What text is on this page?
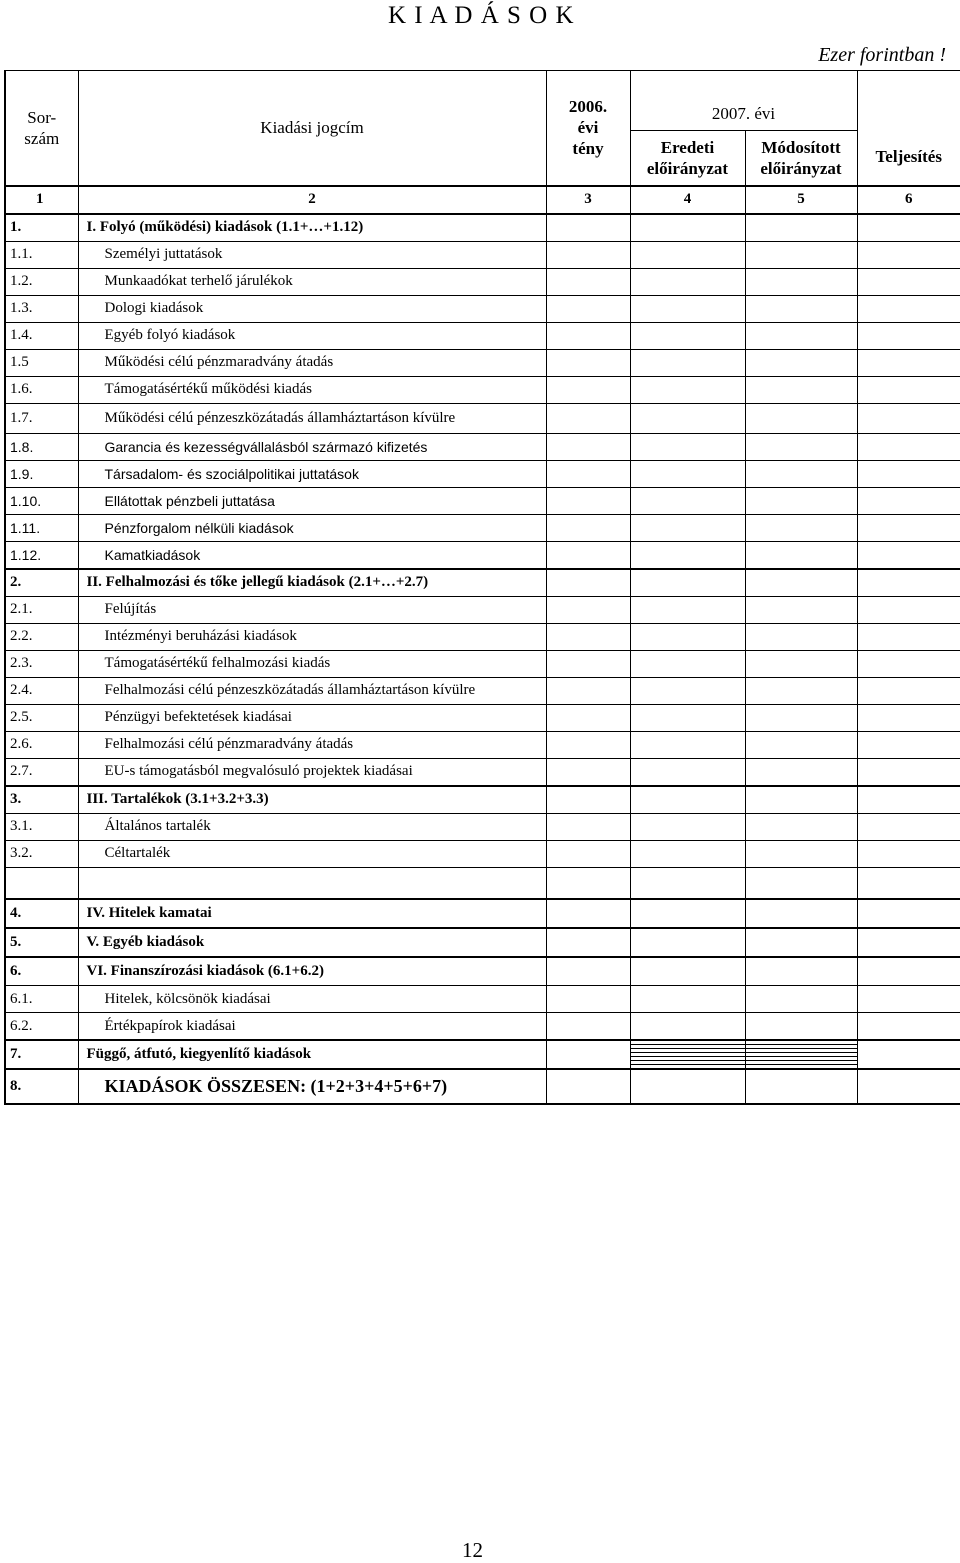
K I A D Á S O K
Ezer forintban !
Sor- szám	Kiadási jogcím	2006. évi tény	2007. évi		Teljesítés
			Eredeti előirányzat	Módosított előirányzat	
1	2	3	4	5	6
1.	I. Folyó (működési) kiadások (1.1+…+1.12)				
1.1.	Személyi juttatások				
1.2.	Munkaadókat terhelő járulékok				
1.3.	Dologi kiadások				
1.4.	Egyéb folyó kiadások				
1.5	Működési célú pénzmaradvány átadás				
1.6.	Támogatásértékű működési kiadás				
1.7.	Működési célú pénzeszközátadás államháztartáson kívülre				
1.8.	Garancia és kezességvállalásból származó kifizetés				
1.9.	Társadalom- és szociálpolitikai juttatások				
1.10.	Ellátottak pénzbeli juttatása				
1.11.	Pénzforgalom nélküli kiadások				
1.12.	Kamatkiadások				
2.	II. Felhalmozási és tőke jellegű kiadások (2.1+…+2.7)				
2.1.	Felújítás				
2.2.	Intézményi beruházási kiadások				
2.3.	Támogatásértékű felhalmozási kiadás				
2.4.	Felhalmozási célú pénzeszközátadás államháztartáson kívülre				
2.5.	Pénzügyi befektetések kiadásai				
2.6.	Felhalmozási célú pénzmaradvány átadás				
2.7.	EU-s támogatásból megvalósuló projektek kiadásai				
3.	III. Tartalékok (3.1+3.2+3.3)				
3.1.	Általános tartalék				
3.2.	Céltartalék				

4.	IV. Hitelek kamatai				
5.	V. Egyéb kiadások				
6.	VI. Finanszírozási kiadások (6.1+6.2)				
6.1.	Hitelek, kölcsönök kiadásai				
6.2.	Értékpapírok kiadásai				
7.	Függő, átfutó, kiegyenlítő kiadások				
8.	KIADÁSOK ÖSSZESEN: (1+2+3+4+5+6+7)				
12
